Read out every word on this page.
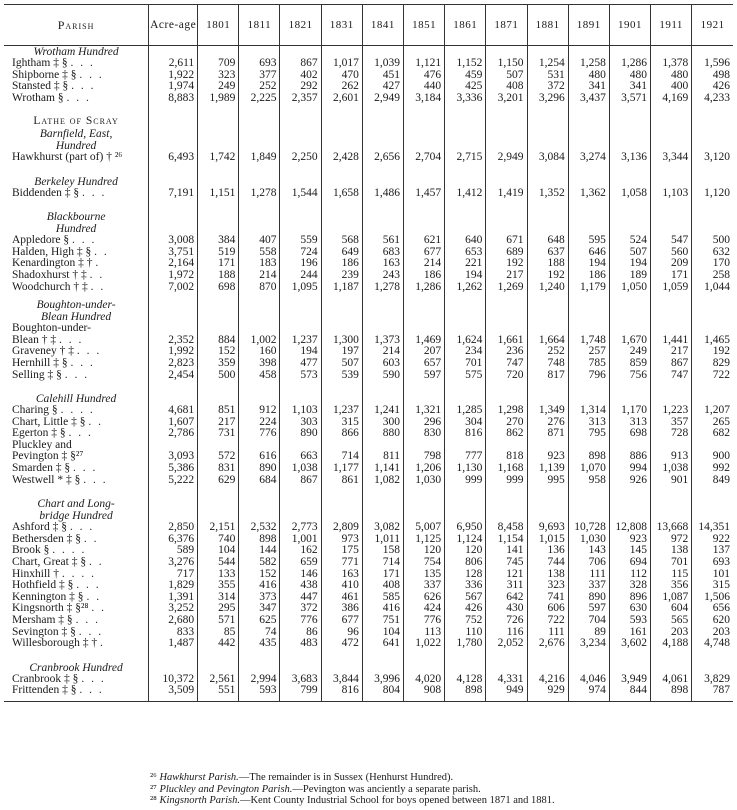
Parish	Acre-age	1801	1811	1821	1831	1841	1851	1861	1871	1881	1891	1901	1911	1921
Wrotham Hundred														
Ightham ‡ § . . .	2,611	709	693	867	1,017	1,039	1,121	1,152	1,150	1,254	1,258	1,286	1,378	1,596
Shipborne ‡ § . . .	1,922	323	377	402	470	451	476	459	507	531	480	480	480	498
Stansted ‡ § . . .	1,974	249	252	292	262	427	440	425	408	372	341	341	400	426
Wrotham § . . .	8,883	1,989	2,225	2,357	2,601	2,949	3,184	3,336	3,201	3,296	3,437	3,571	4,169	4,233

Lathe of Scray														
Barnfield, East,														
Hundred														
Hawkhurst (part of) † ²⁶	6,493	1,742	1,849	2,250	2,428	2,656	2,704	2,715	2,949	3,084	3,274	3,136	3,344	3,120

Berkeley Hundred														
Biddenden ‡ § . . .	7,191	1,151	1,278	1,544	1,658	1,486	1,457	1,412	1,419	1,352	1,362	1,058	1,103	1,120

Blackbourne														
Hundred														
Appledore § . . .	3,008	384	407	559	568	561	621	640	671	648	595	524	547	500
Halden, High ‡ § . .	3,751	519	558	724	649	683	677	653	689	637	646	507	560	632
Kenardington ‡ † .	2,164	171	183	196	186	163	214	221	192	188	194	194	209	170
Shadoxhurst † ‡ . .	1,972	188	214	244	239	243	186	194	217	192	186	189	171	258
Woodchurch † ‡ . .	7,002	698	870	1,095	1,187	1,278	1,286	1,262	1,269	1,240	1,179	1,050	1,059	1,044

Boughton-under-														
Blean Hundred														
Boughton-under-														
Blean † ‡ . . .	2,352	884	1,002	1,237	1,300	1,373	1,469	1,624	1,661	1,664	1,748	1,670	1,441	1,465
Graveney † ‡ . . .	1,992	152	160	194	197	214	207	234	236	252	257	249	217	192
Hernhill ‡ § . . .	2,823	359	398	477	507	603	657	701	747	748	785	859	867	829
Selling ‡ § . . .	2,454	500	458	573	539	590	597	575	720	817	796	756	747	722

Calehill Hundred														
Charing § . . . .	4,681	851	912	1,103	1,237	1,241	1,321	1,285	1,298	1,349	1,314	1,170	1,223	1,207
Chart, Little ‡ § . .	1,607	217	224	303	315	300	296	304	270	276	313	313	357	265
Egerton ‡ § . . .	2,786	731	776	890	866	880	830	816	862	871	795	698	728	682
Pluckley and														
Pevington ‡ §²⁷	3,093	572	616	663	714	811	798	777	818	923	898	886	913	900
Smarden ‡ § . . .	5,386	831	890	1,038	1,177	1,141	1,206	1,130	1,168	1,139	1,070	994	1,038	992
Westwell * ‡ § . . .	5,222	629	684	867	861	1,082	1,030	999	999	995	958	926	901	849

Chart and Long-														
bridge Hundred														
Ashford ‡ § . . .	2,850	2,151	2,532	2,773	2,809	3,082	5,007	6,950	8,458	9,693	10,728	12,808	13,668	14,351
Bethersden ‡ § . .	6,376	740	898	1,001	973	1,011	1,125	1,124	1,154	1,015	1,030	923	972	922
Brook § . . . .	589	104	144	162	175	158	120	120	141	136	143	145	138	137
Chart, Great ‡ § . .	3,276	544	582	659	771	714	754	806	745	744	706	694	701	693
Hinxhill † . . . .	717	133	152	146	163	171	135	128	121	138	111	112	115	101
Hothfield ‡ § . . .	1,829	355	416	438	410	408	337	336	311	323	337	328	356	315
Kennington ‡ § . .	1,391	314	373	447	461	585	626	567	642	741	890	896	1,087	1,506
Kingsnorth ‡ §²⁸ . .	3,252	295	347	372	386	416	424	426	430	606	597	630	604	656
Mersham ‡ § . . .	2,680	571	625	776	677	751	776	752	726	722	704	593	565	620
Sevington ‡ § . . .	833	85	74	86	96	104	113	110	116	111	89	161	203	203
Willesborough ‡ † .	1,487	442	435	483	472	641	1,022	1,780	2,052	2,676	3,234	3,602	4,188	4,748

Cranbrook Hundred														
Cranbrook ‡ § . . .	10,372	2,561	2,994	3,683	3,844	3,996	4,020	4,128	4,331	4,216	4,046	3,949	4,061	3,829
Frittenden ‡ § . . .	3,509	551	593	799	816	804	908	898	949	929	974	844	898	787

²⁶ Hawkhurst Parish.—The remainder is in Sussex (Henhurst Hundred).
²⁷ Pluckley and Pevington Parish.—Pevington was anciently a separate parish.
²⁸ Kingsnorth Parish.—Kent County Industrial School for boys opened between 1871 and 1881.
